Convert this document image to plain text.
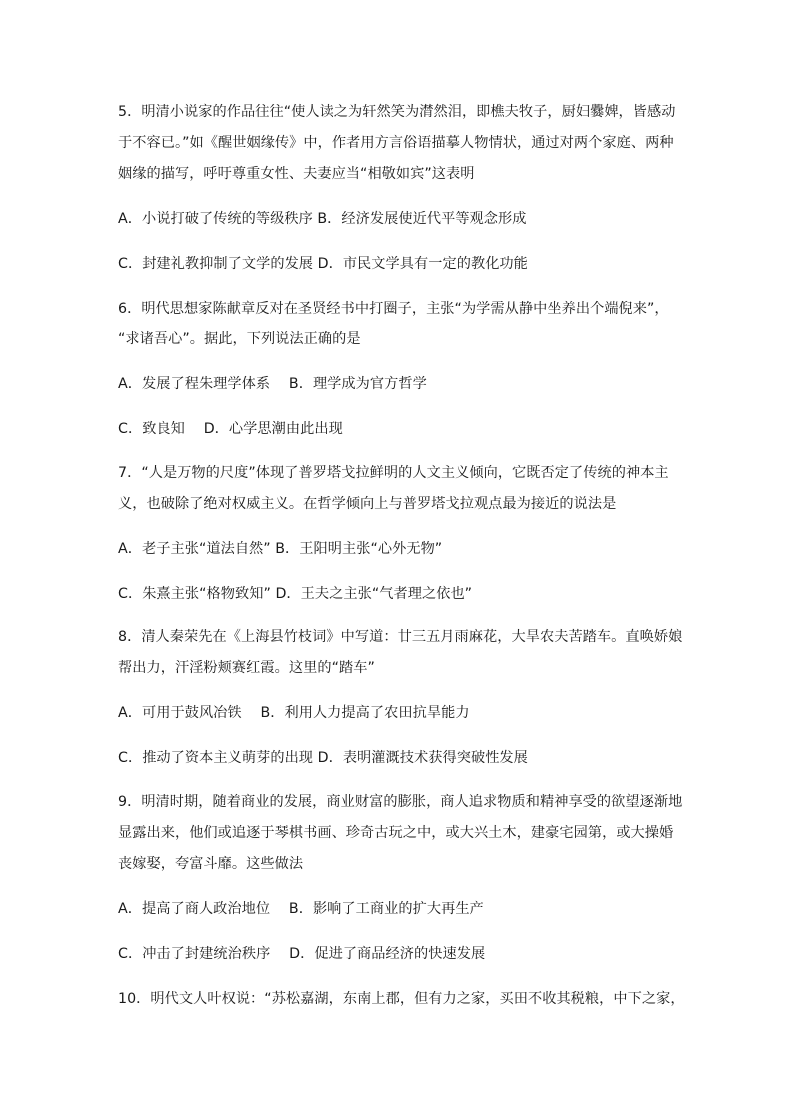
5．明清小说家的作品往往“使人读之为轩然笑为潸然泪，即樵夫牧子，厨妇爨婢，皆感动
于不容已。”如《醒世姻缘传》中，作者用方言俗语描摹人物情状，通过对两个家庭、两种
姻缘的描写，呼吁尊重女性、夫妻应当“相敬如宾”这表明
A．小说打破了传统的等级秩序 B．经济发展使近代平等观念形成
C．封建礼教抑制了文学的发展 D．市民文学具有一定的教化功能
6．明代思想家陈献章反对在圣贤经书中打圈子，主张“为学需从静中坐养出个端倪来”，
“求诸吾心”。据此，下列说法正确的是
A．发展了程朱理学体系　 B．理学成为官方哲学
C．致良知　 D．心学思潮由此出现
7．“人是万物的尺度”体现了普罗塔戈拉鲜明的人文主义倾向，它既否定了传统的神本主
义，也破除了绝对权威主义。在哲学倾向上与普罗塔戈拉观点最为接近的说法是
A．老子主张“道法自然” B．王阳明主张“心外无物”
C．朱熹主张“格物致知” D．王夫之主张“气者理之依也”
8．清人秦荣先在《上海县竹枝词》中写道：廿三五月雨麻花，大旱农夫苦踏车。直唤娇娘
帮出力，汗淫粉颊赛红霞。这里的“踏车”
A．可用于鼓风冶铁　 B．利用人力提高了农田抗旱能力
C．推动了资本主义萌芽的出现 D．表明灌溉技术获得突破性发展
9．明清时期，随着商业的发展，商业财富的膨胀，商人追求物质和精神享受的欲望逐渐地
显露出来，他们或追逐于琴棋书画、珍奇古玩之中，或大兴土木，建豪宅园第，或大操婚
丧嫁娶，夸富斗靡。这些做法
A．提高了商人政治地位　 B．影响了工商业的扩大再生产
C．冲击了封建统治秩序　 D．促进了商品经济的快速发展
10．明代文人叶权说：“苏松嘉湖，东南上郡，但有力之家，买田不收其税粮，中下之家，
